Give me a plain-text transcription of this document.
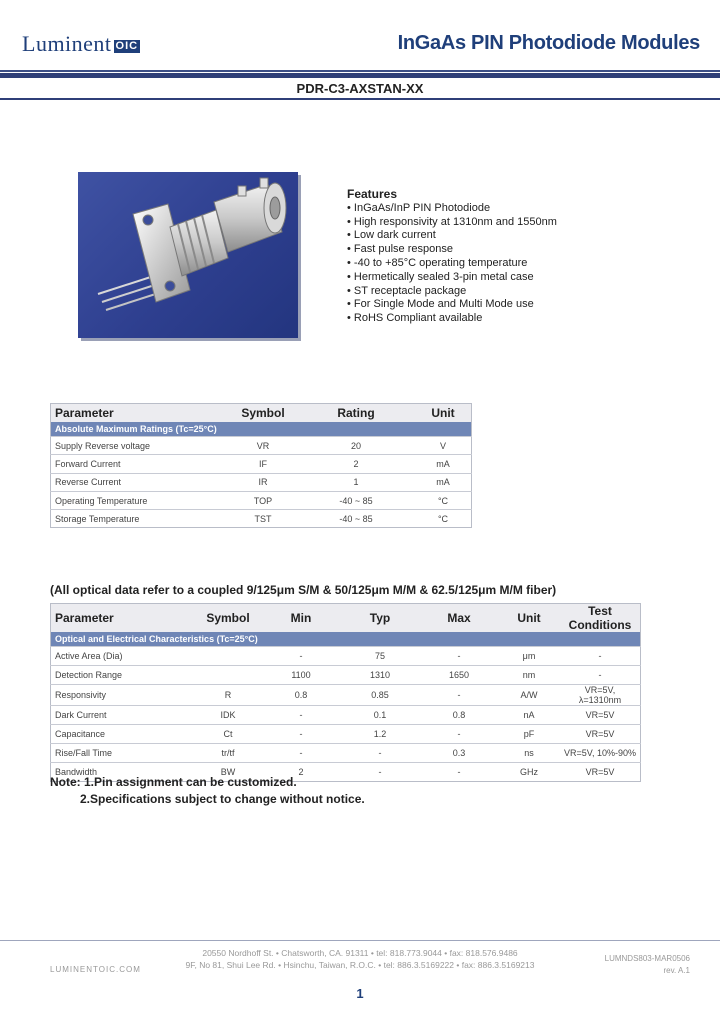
Luminent OIC	InGaAs PIN Photodiode Modules
PDR-C3-AXSTAN-XX
Features
• InGaAs/InP PIN Photodiode
• High responsivity at 1310nm and 1550nm
• Low dark current
• Fast pulse response
• -40 to +85°C operating temperature
• Hermetically sealed 3-pin metal case
• ST receptacle package
• For Single Mode and Multi Mode use
• RoHS Compliant available
Absolute Maximum Ratings (Tc=25°C)			
Parameter	Symbol	Rating	Unit
Supply Reverse voltage	VR	20	V
Forward Current	IF	2	mA
Reverse Current	IR	1	mA
Operating Temperature	TOP	-40 ~ 85	°C
Storage Temperature	TST	-40 ~ 85	°C
(All optical data refer to a coupled 9/125μm S/M & 50/125μm M/M & 62.5/125μm M/M fiber)
Optical and Electrical Characteristics (Tc=25°C)						
Parameter	Symbol	Min	Typ	Max	Unit	Test Conditions
Active Area (Dia)		-	75	-	μm	-
Detection Range		1100	1310	1650	nm	-
Responsivity	R	0.8	0.85	-	A/W	VR=5V, λ=1310nm
Dark Current	IDK	-	0.1	0.8	nA	VR=5V
Capacitance	Ct	-	1.2	-	pF	VR=5V
Rise/Fall Time	tr/tf	-	-	0.3	ns	VR=5V, 10%-90%
Bandwidth	BW	2	-	-	GHz	VR=5V
Note: 1.Pin assignment can be customized.
2.Specifications subject to change without notice.
20550 Nordhoff St. • Chatsworth, CA. 91311 • tel: 818.773.9044 • fax: 818.576.9486
9F, No 81, Shui Lee Rd. • Hsinchu, Taiwan, R.O.C. • tel: 886.3.5169222 • fax: 886.3.5169213
LUMINENTOIC.COM
LUMNDS803-MAR0506
rev. A.1
1
